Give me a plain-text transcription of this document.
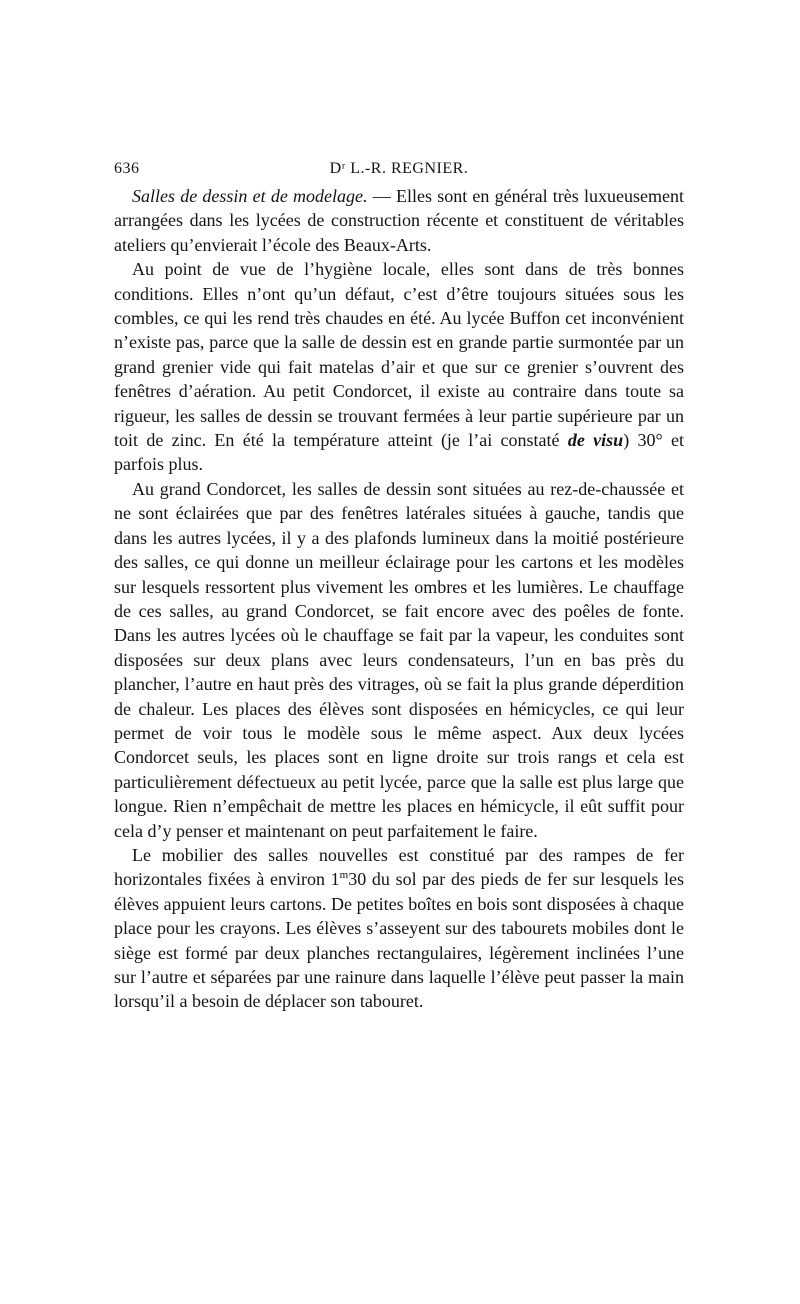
636	Dʳ L.-R. REGNIER.

Salles de dessin et de modelage. — Elles sont en général très luxueusement arrangées dans les lycées de construction récente et constituent de véritables ateliers qu’envierait l’école des Beaux-Arts.

Au point de vue de l’hygiène locale, elles sont dans de très bonnes conditions. Elles n’ont qu’un défaut, c’est d’être toujours situées sous les combles, ce qui les rend très chaudes en été. Au lycée Buffon cet inconvénient n’existe pas, parce que la salle de dessin est en grande partie surmontée par un grand grenier vide qui fait matelas d’air et que sur ce grenier s’ouvrent des fenêtres d’aération. Au petit Condorcet, il existe au contraire dans toute sa rigueur, les salles de dessin se trouvant fermées à leur partie supérieure par un toit de zinc. En été la température atteint (je l’ai constaté de visu) 30° et parfois plus.

Au grand Condorcet, les salles de dessin sont situées au rez-de-chaussée et ne sont éclairées que par des fenêtres latérales situées à gauche, tandis que dans les autres lycées, il y a des plafonds lumineux dans la moitié postérieure des salles, ce qui donne un meilleur éclairage pour les cartons et les modèles sur lesquels ressortent plus vivement les ombres et les lumières. Le chauffage de ces salles, au grand Condorcet, se fait encore avec des poêles de fonte. Dans les autres lycées où le chauffage se fait par la vapeur, les conduites sont disposées sur deux plans avec leurs condensateurs, l’un en bas près du plancher, l’autre en haut près des vitrages, où se fait la plus grande déperdition de chaleur. Les places des élèves sont disposées en hémicycles, ce qui leur permet de voir tous le modèle sous le même aspect. Aux deux lycées Condorcet seuls, les places sont en ligne droite sur trois rangs et cela est particulièrement défectueux au petit lycée, parce que la salle est plus large que longue. Rien n’empêchait de mettre les places en hémicycle, il eût suffit pour cela d’y penser et maintenant on peut parfaitement le faire.

Le mobilier des salles nouvelles est constitué par des rampes de fer horizontales fixées à environ 1$^m$30 du sol par des pieds de fer sur lesquels les élèves appuient leurs cartons. De petites boîtes en bois sont disposées à chaque place pour les crayons. Les élèves s’asseyent sur des tabourets mobiles dont le siège est formé par deux planches rectangulaires, légèrement inclinées l’une sur l’autre et séparées par une rainure dans laquelle l’élève peut passer la main lorsqu’il a besoin de déplacer son tabouret.
